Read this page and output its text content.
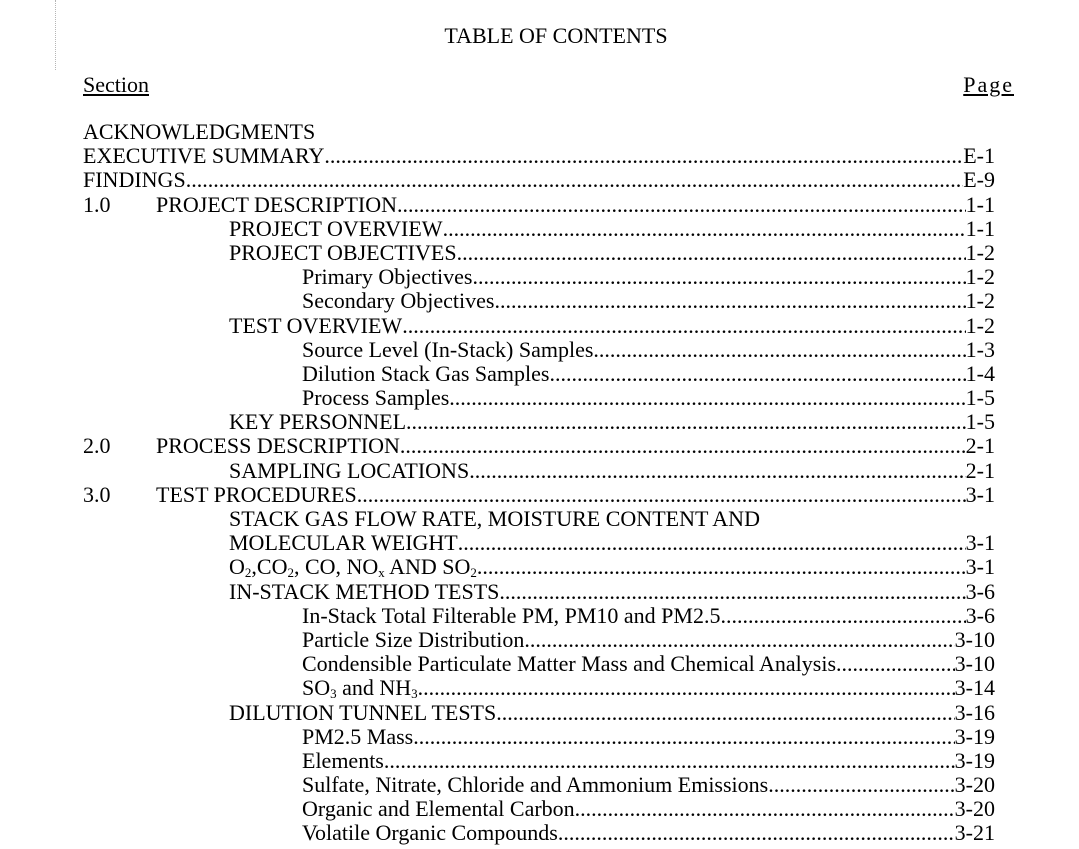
TABLE OF CONTENTS
Section	Page
ACKNOWLEDGMENTS
EXECUTIVE SUMMARY .....	E-1
FINDINGS .....	E-9
1.0 PROJECT DESCRIPTION .....	1-1
PROJECT OVERVIEW .....	1-1
PROJECT OBJECTIVES .....	1-2
Primary Objectives .....	1-2
Secondary Objectives .....	1-2
TEST OVERVIEW .....	1-2
Source Level (In-Stack) Samples .....	1-3
Dilution Stack Gas Samples .....	1-4
Process Samples .....	1-5
KEY PERSONNEL .....	1-5
2.0 PROCESS DESCRIPTION .....	2-1
SAMPLING LOCATIONS .....	2-1
3.0 TEST PROCEDURES .....	3-1
STACK GAS FLOW RATE, MOISTURE CONTENT AND
MOLECULAR WEIGHT .....	3-1
$O_2,CO_2$, CO, $NO_x$ AND $SO_2$ .....	3-1
IN-STACK METHOD TESTS .....	3-6
In-Stack Total Filterable PM, PM10 and PM2.5 .....	3-6
Particle Size Distribution .....	3-10
Condensible Particulate Matter Mass and Chemical Analysis .....	3-10
$SO_3$ and $NH_3$ .....	3-14
DILUTION TUNNEL TESTS .....	3-16
PM2.5 Mass .....	3-19
Elements .....	3-19
Sulfate, Nitrate, Chloride and Ammonium Emissions .....	3-20
Organic and Elemental Carbon .....	3-20
Volatile Organic Compounds .....	3-21
